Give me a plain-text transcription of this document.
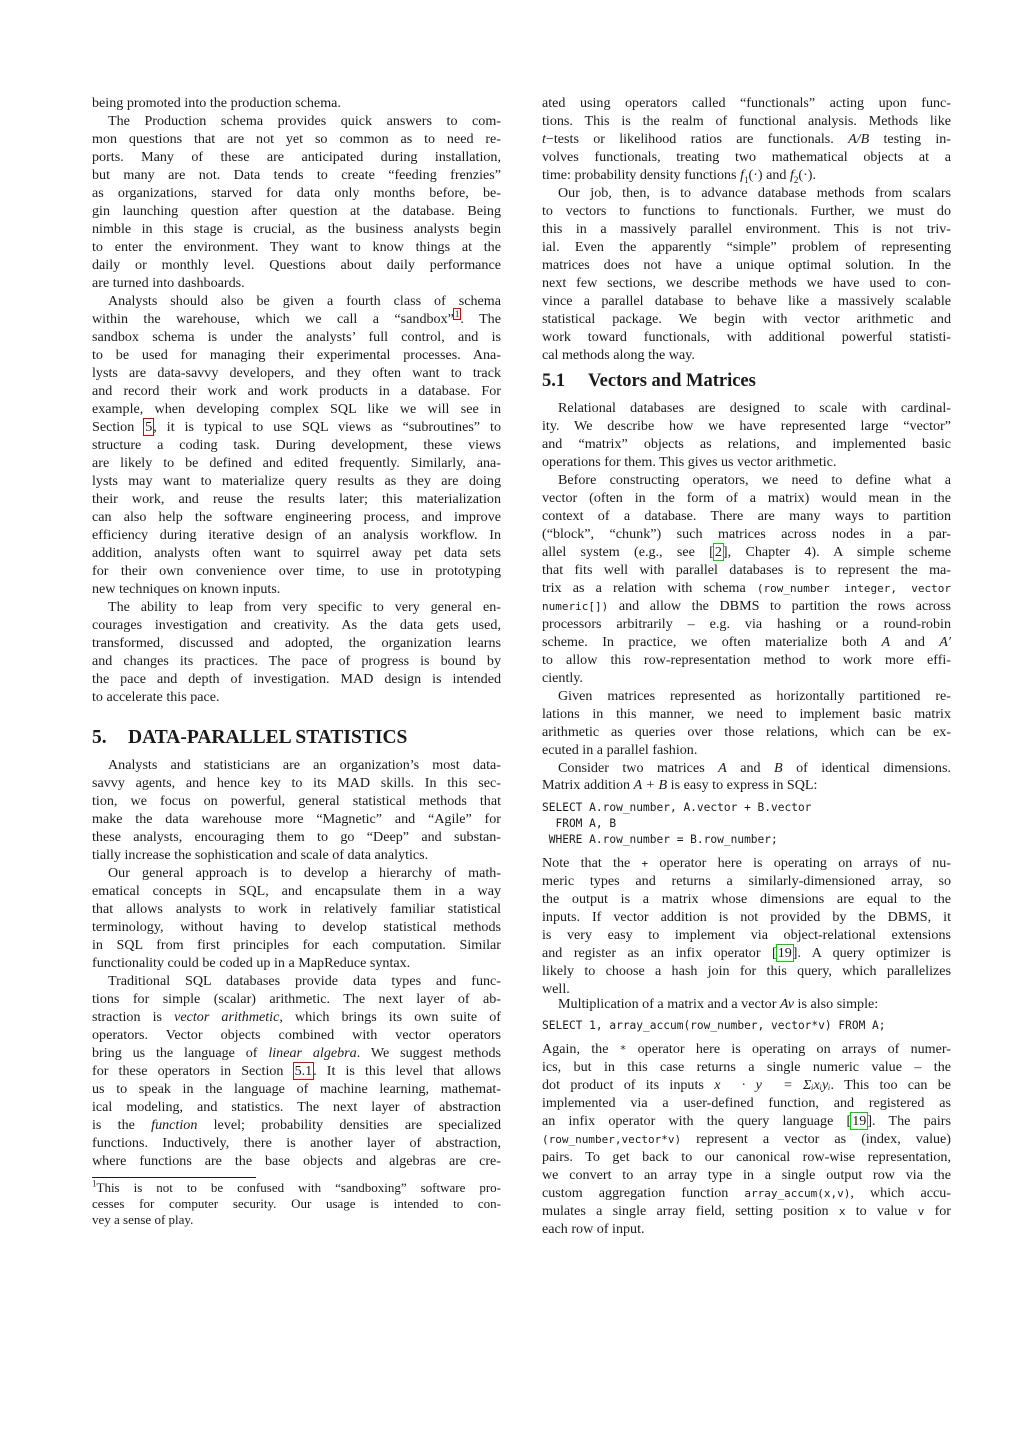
being promoted into the production schema.
The Production schema provides quick answers to com-
mon questions that are not yet so common as to need re-
ports. Many of these are anticipated during installation,
but many are not. Data tends to create “feeding frenzies”
as organizations, starved for data only months before, be-
gin launching question after question at the database. Being
nimble in this stage is crucial, as the business analysts begin
to enter the environment. They want to know things at the
daily or monthly level. Questions about daily performance
are turned into dashboards.
Analysts should also be given a fourth class of schema
within the warehouse, which we call a “sandbox”$^1$. The
sandbox schema is under the analysts’ full control, and is
to be used for managing their experimental processes. Ana-
lysts are data-savvy developers, and they often want to track
and record their work and work products in a database. For
example, when developing complex SQL like we will see in
Section 5, it is typical to use SQL views as “subroutines” to
structure a coding task. During development, these views
are likely to be defined and edited frequently. Similarly, ana-
lysts may want to materialize query results as they are doing
their work, and reuse the results later; this materialization
can also help the software engineering process, and improve
efficiency during iterative design of an analysis workflow. In
addition, analysts often want to squirrel away pet data sets
for their own convenience over time, to use in prototyping
new techniques on known inputs.
The ability to leap from very specific to very general en-
courages investigation and creativity. As the data gets used,
transformed, discussed and adopted, the organization learns
and changes its practices. The pace of progress is bound by
the pace and depth of investigation. MAD design is intended
to accelerate this pace.
5. DATA-PARALLEL STATISTICS
Analysts and statisticians are an organization’s most data-
savvy agents, and hence key to its MAD skills. In this sec-
tion, we focus on powerful, general statistical methods that
make the data warehouse more “Magnetic” and “Agile” for
these analysts, encouraging them to go “Deep” and substan-
tially increase the sophistication and scale of data analytics.
Our general approach is to develop a hierarchy of math-
ematical concepts in SQL, and encapsulate them in a way
that allows analysts to work in relatively familiar statistical
terminology, without having to develop statistical methods
in SQL from first principles for each computation. Similar
functionality could be coded up in a MapReduce syntax.
Traditional SQL databases provide data types and func-
tions for simple (scalar) arithmetic. The next layer of ab-
straction is vector arithmetic, which brings its own suite of
operators. Vector objects combined with vector operators
bring us the language of linear algebra. We suggest methods
for these operators in Section 5.1. It is this level that allows
us to speak in the language of machine learning, mathemat-
ical modeling, and statistics. The next layer of abstraction
is the function level; probability densities are specialized
functions. Inductively, there is another layer of abstraction,
where functions are the base objects and algebras are cre-
$^1$This is not to be confused with “sandboxing” software pro-
cesses for computer security. Our usage is intended to con-
vey a sense of play.
ated using operators called “functionals” acting upon func-
tions. This is the realm of functional analysis. Methods like
t−tests or likelihood ratios are functionals. A/B testing in-
volves functionals, treating two mathematical objects at a
time: probability density functions $f_1(\cdot)$ and $f_2(\cdot)$.
Our job, then, is to advance database methods from scalars
to vectors to functions to functionals. Further, we must do
this in a massively parallel environment. This is not triv-
ial. Even the apparently “simple” problem of representing
matrices does not have a unique optimal solution. In the
next few sections, we describe methods we have used to con-
vince a parallel database to behave like a massively scalable
statistical package. We begin with vector arithmetic and
work toward functionals, with additional powerful statisti-
cal methods along the way.
5.1 Vectors and Matrices
Relational databases are designed to scale with cardinal-
ity. We describe how we have represented large “vector”
and “matrix” objects as relations, and implemented basic
operations for them. This gives us vector arithmetic.
Before constructing operators, we need to define what a
vector (often in the form of a matrix) would mean in the
context of a database. There are many ways to partition
(“block”, “chunk”) such matrices across nodes in a par-
allel system (e.g., see [2], Chapter 4). A simple scheme
that fits well with parallel databases is to represent the ma-
trix as a relation with schema (row_number integer, vector
numeric[]) and allow the DBMS to partition the rows across
processors arbitrarily – e.g. via hashing or a round-robin
scheme. In practice, we often materialize both A and A′
to allow this row-representation method to work more effi-
ciently.
Given matrices represented as horizontally partitioned re-
lations in this manner, we need to implement basic matrix
arithmetic as queries over those relations, which can be ex-
ecuted in a parallel fashion.
Consider two matrices A and B of identical dimensions.
Matrix addition A + B is easy to express in SQL:
SELECT A.row_number, A.vector + B.vector
FROM A, B
WHERE A.row_number = B.row_number;
Note that the + operator here is operating on arrays of nu-
meric types and returns a similarly-dimensioned array, so
the output is a matrix whose dimensions are equal to the
inputs. If vector addition is not provided by the DBMS, it
is very easy to implement via object-relational extensions
and register as an infix operator [19]. A query optimizer is
likely to choose a hash join for this query, which parallelizes
well.
Multiplication of a matrix and a vector Av is also simple:
SELECT 1, array_accum(row_number, vector*v) FROM A;
Again, the * operator here is operating on arrays of numer-
ics, but in this case returns a single numeric value – the
dot product of its inputs x⃗ · y⃗ = Σᵢxᵢyᵢ. This too can be
implemented via a user-defined function, and registered as
an infix operator with the query language [19]. The pairs
(row_number,vector*v) represent a vector as (index, value)
pairs. To get back to our canonical row-wise representation,
we convert to an array type in a single output row via the
custom aggregation function array_accum(x,v), which accu-
mulates a single array field, setting position x to value v for
each row of input.
